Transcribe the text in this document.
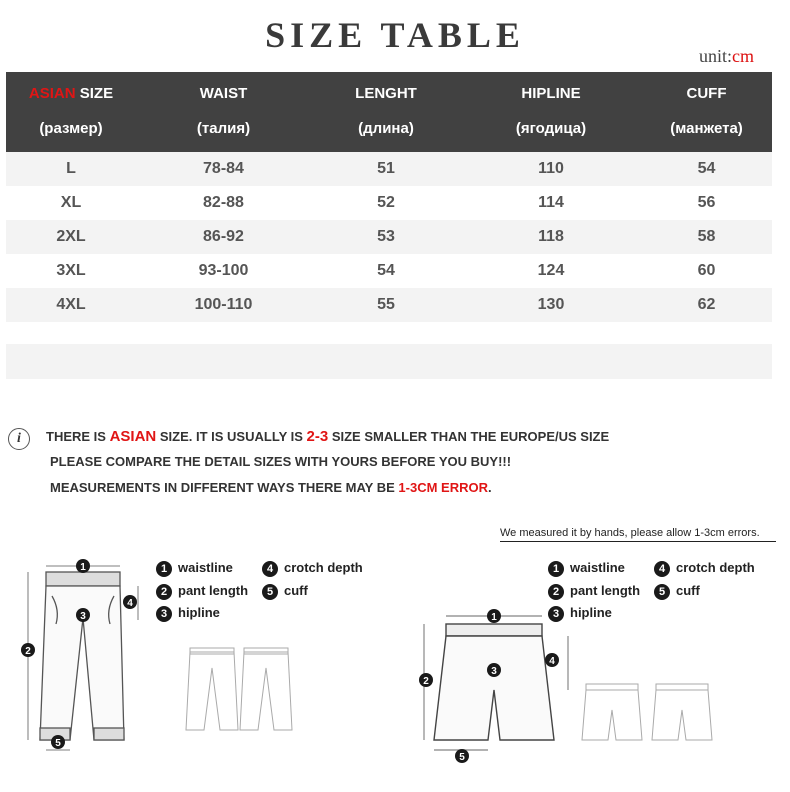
SIZE TABLE
unit:cm
ASIAN SIZE	WAIST	LENGHT	HIPLINE	CUFF
(размер)	(талия)	(длина)	(ягодица)	(манжета)
L	78-84	51	110	54
XL	82-88	52	114	56
2XL	86-92	53	118	58
3XL	93-100	54	124	60
4XL	100-110	55	130	62
i	THERE IS ASIAN SIZE. IT IS USUALLY IS 2-3 SIZE SMALLER THAN THE EUROPE/US SIZE
PLEASE COMPARE THE DETAIL SIZES WITH YOURS BEFORE YOU BUY!!!
MEASUREMENTS IN DIFFERENT WAYS THERE MAY BE 1-3CM ERROR.
We measured it by hands, please allow 1-3cm errors.
1 waistline
2 pant length
3 hipline
4 crotch depth
5 cuff
1 waistline
2 pant length
3 hipline
4 crotch depth
5 cuff
1
2
3
4
5
1
2
3
4
5
